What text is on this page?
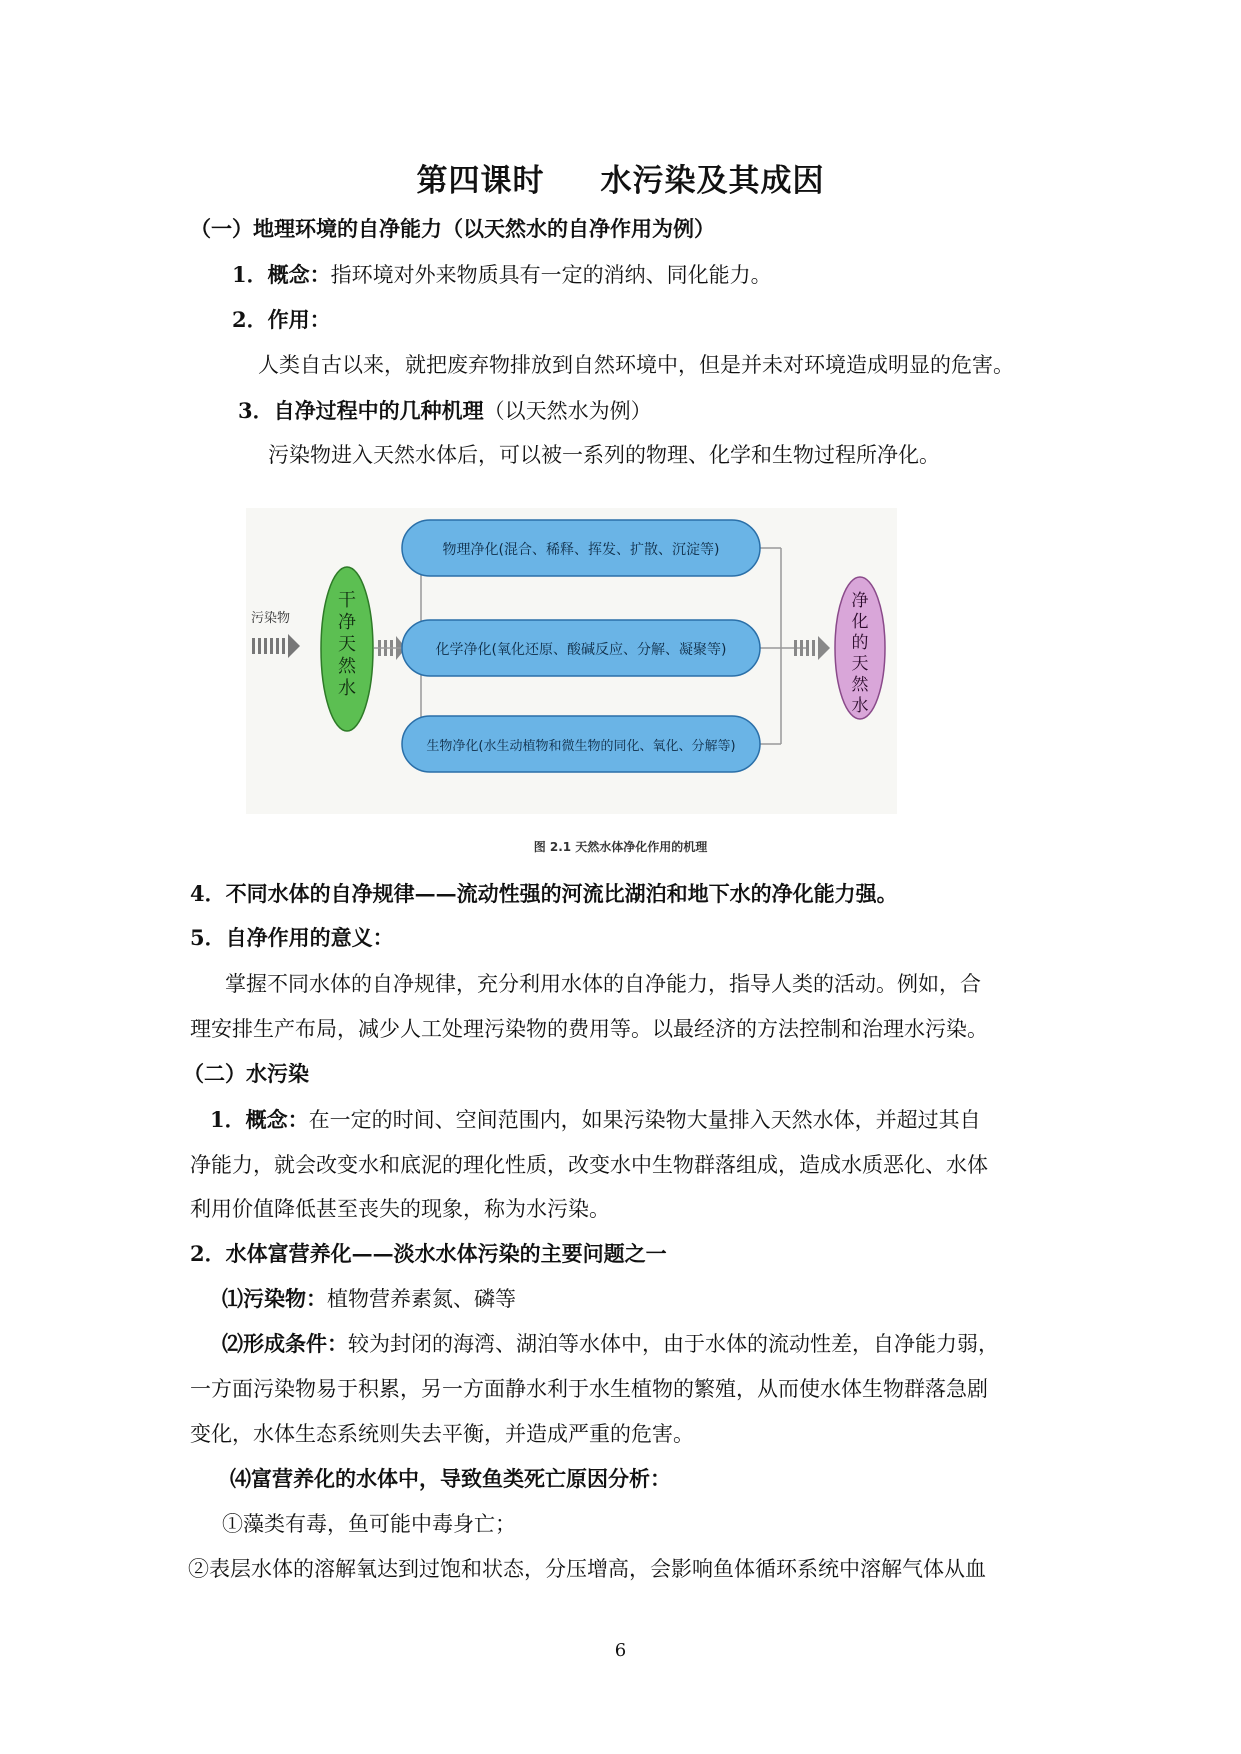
第四课时 水污染及其成因
（一）地理环境的自净能力（以天然水的自净作用为例）
1．概念：指环境对外来物质具有一定的消纳、同化能力。
2．作用：
人类自古以来，就把废弃物排放到自然环境中，但是并未对环境造成明显的危害。
3．自净过程中的几种机理（以天然水为例）
污染物进入天然水体后，可以被一系列的物理、化学和生物过程所净化。
污染物
干
净
天
然
水
物理净化(混合、稀释、挥发、扩散、沉淀等)
化学净化(氧化还原、酸碱反应、分解、凝聚等)
生物净化(水生动植物和微生物的同化、氧化、分解等)
净
化
的
天
然
水
图 2.1 天然水体净化作用的机理
4．不同水体的自净规律——流动性强的河流比湖泊和地下水的净化能力强。
5．自净作用的意义：
掌握不同水体的自净规律，充分利用水体的自净能力，指导人类的活动。例如，合
理安排生产布局，减少人工处理污染物的费用等。以最经济的方法控制和治理水污染。
（二）水污染
1．概念：在一定的时间、空间范围内，如果污染物大量排入天然水体，并超过其自
净能力，就会改变水和底泥的理化性质，改变水中生物群落组成，造成水质恶化、水体
利用价值降低甚至丧失的现象，称为水污染。
2．水体富营养化——淡水水体污染的主要问题之一
⑴污染物：植物营养素氮、磷等
⑵形成条件：较为封闭的海湾、湖泊等水体中，由于水体的流动性差，自净能力弱，
一方面污染物易于积累，另一方面静水利于水生植物的繁殖，从而使水体生物群落急剧
变化，水体生态系统则失去平衡，并造成严重的危害。
⑷富营养化的水体中，导致鱼类死亡原因分析：
①藻类有毒，鱼可能中毒身亡；
②表层水体的溶解氧达到过饱和状态，分压增高，会影响鱼体循环系统中溶解气体从血
6
